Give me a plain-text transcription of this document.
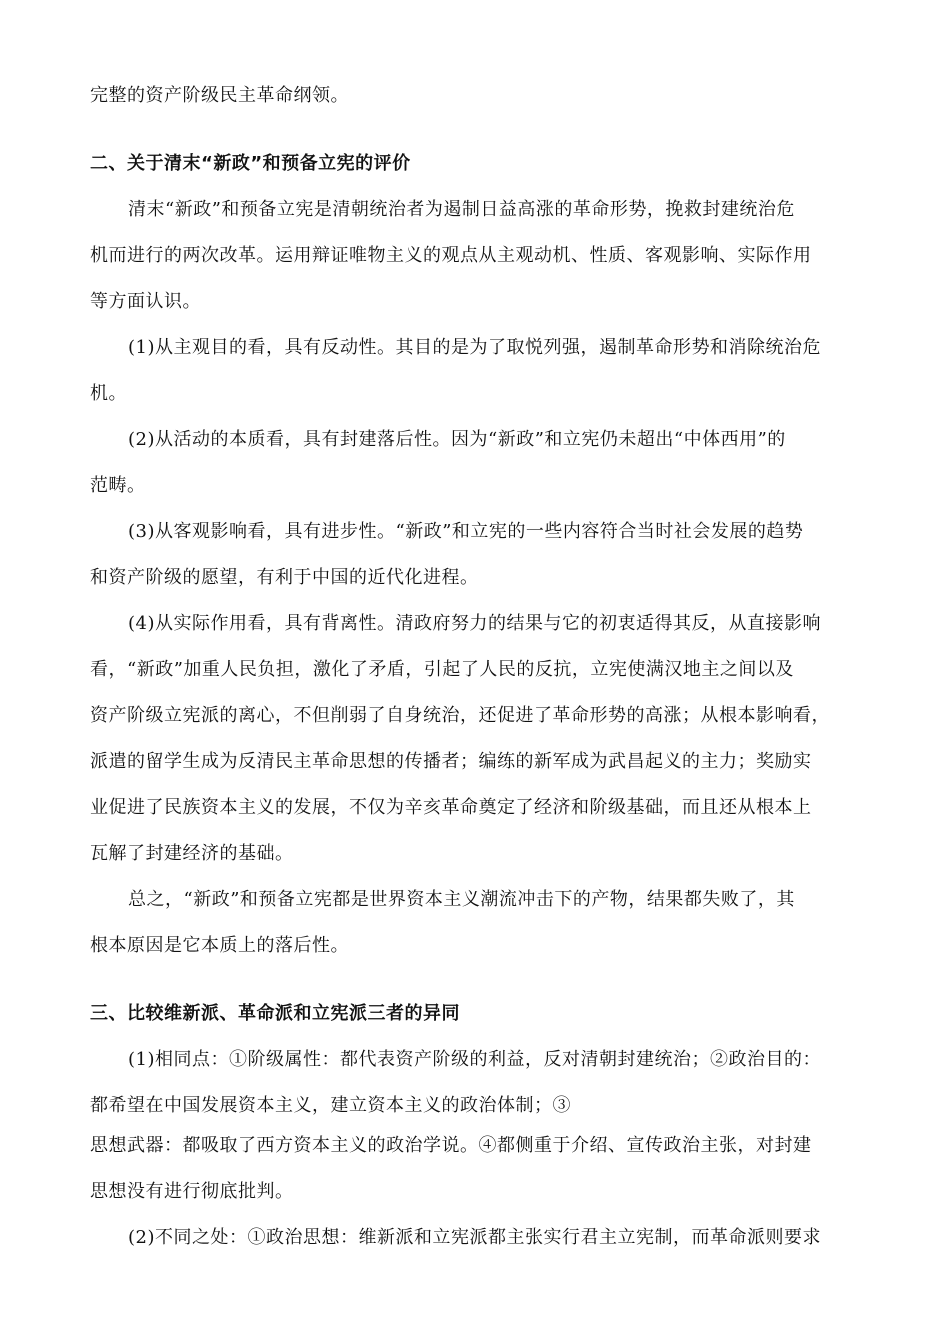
完整的资产阶级民主革命纲领。
二、关于清末“新政”和预备立宪的评价
清末“新政”和预备立宪是清朝统治者为遏制日益高涨的革命形势，挽救封建统治危
机而进行的两次改革。运用辩证唯物主义的观点从主观动机、性质、客观影响、实际作用
等方面认识。
(1)从主观目的看，具有反动性。其目的是为了取悦列强，遏制革命形势和消除统治危
机。
(2)从活动的本质看，具有封建落后性。因为“新政”和立宪仍未超出“中体西用”的
范畴。
(3)从客观影响看，具有进步性。“新政”和立宪的一些内容符合当时社会发展的趋势
和资产阶级的愿望，有利于中国的近代化进程。
(4)从实际作用看，具有背离性。清政府努力的结果与它的初衷适得其反，从直接影响
看，“新政”加重人民负担，激化了矛盾，引起了人民的反抗，立宪使满汉地主之间以及
资产阶级立宪派的离心，不但削弱了自身统治，还促进了革命形势的高涨；从根本影响看，
派遣的留学生成为反清民主革命思想的传播者；编练的新军成为武昌起义的主力；奖励实
业促进了民族资本主义的发展，不仅为辛亥革命奠定了经济和阶级基础，而且还从根本上
瓦解了封建经济的基础。
总之，“新政”和预备立宪都是世界资本主义潮流冲击下的产物，结果都失败了，其
根本原因是它本质上的落后性。
三、比较维新派、革命派和立宪派三者的异同
(1)相同点：①阶级属性：都代表资产阶级的利益，反对清朝封建统治；②政治目的：
都希望在中国发展资本主义，建立资本主义的政治体制；③
思想武器：都吸取了西方资本主义的政治学说。④都侧重于介绍、宣传政治主张，对封建
思想没有进行彻底批判。
(2)不同之处：①政治思想：维新派和立宪派都主张实行君主立宪制，而革命派则要求
